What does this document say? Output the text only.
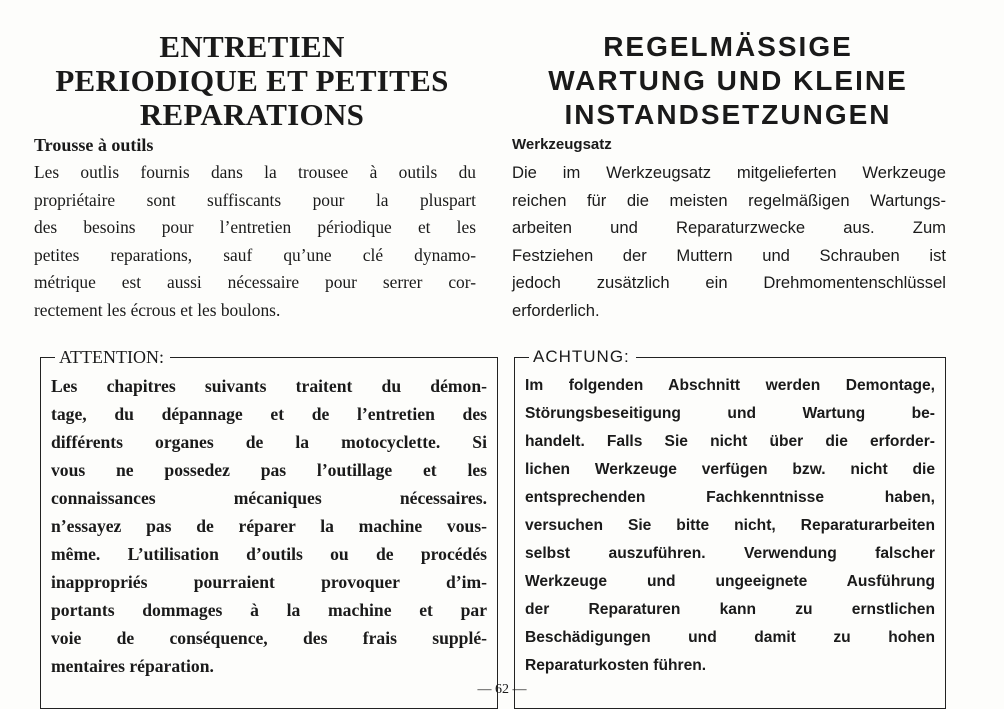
ENTRETIEN
PERIODIQUE ET PETITES
REPARATIONS
Trousse à outils

Les outlis fournis dans la trousee à outils du
propriétaire sont suffiscants pour la pluspart
des besoins pour l’entretien périodique et les
petites reparations, sauf qu’une clé dynamo-
métrique est aussi nécessaire pour serrer cor-
rectement les écrous et les boulons.

ATTENTION:

Les chapitres suivants traitent du démon-
tage, du dépannage et de l’entretien des
différents organes de la motocyclette. Si
vous ne possedez pas l’outillage et les
connaissances mécaniques nécessaires.
n’essayez pas de réparer la machine vous-
même. L’utilisation d’outils ou de procédés
inappropriés pourraient provoquer d’im-
portants dommages à la machine et par
voie de conséquence, des frais supplé-
mentaires réparation.

REGELMÄSSIGE
WARTUNG UND KLEINE
INSTANDSETZUNGEN
Werkzeugsatz

Die im Werkzeugsatz mitgelieferten Werkzeuge
reichen für die meisten regelmäßigen Wartungs-
arbeiten und Reparaturzwecke aus. Zum
Festziehen der Muttern und Schrauben ist
jedoch zusätzlich ein Drehmomentenschlüssel
erforderlich.

ACHTUNG:

Im folgenden Abschnitt werden Demontage,
Störungsbeseitigung und Wartung be-
handelt. Falls Sie nicht über die erforder-
lichen Werkzeuge verfügen bzw. nicht die
entsprechenden Fachkenntnisse haben,
versuchen Sie bitte nicht, Reparaturarbeiten
selbst auszuführen. Verwendung falscher
Werkzeuge und ungeeignete Ausführung
der Reparaturen kann zu ernstlichen
Beschädigungen und damit zu hohen
Reparaturkosten führen.

— 62 —
